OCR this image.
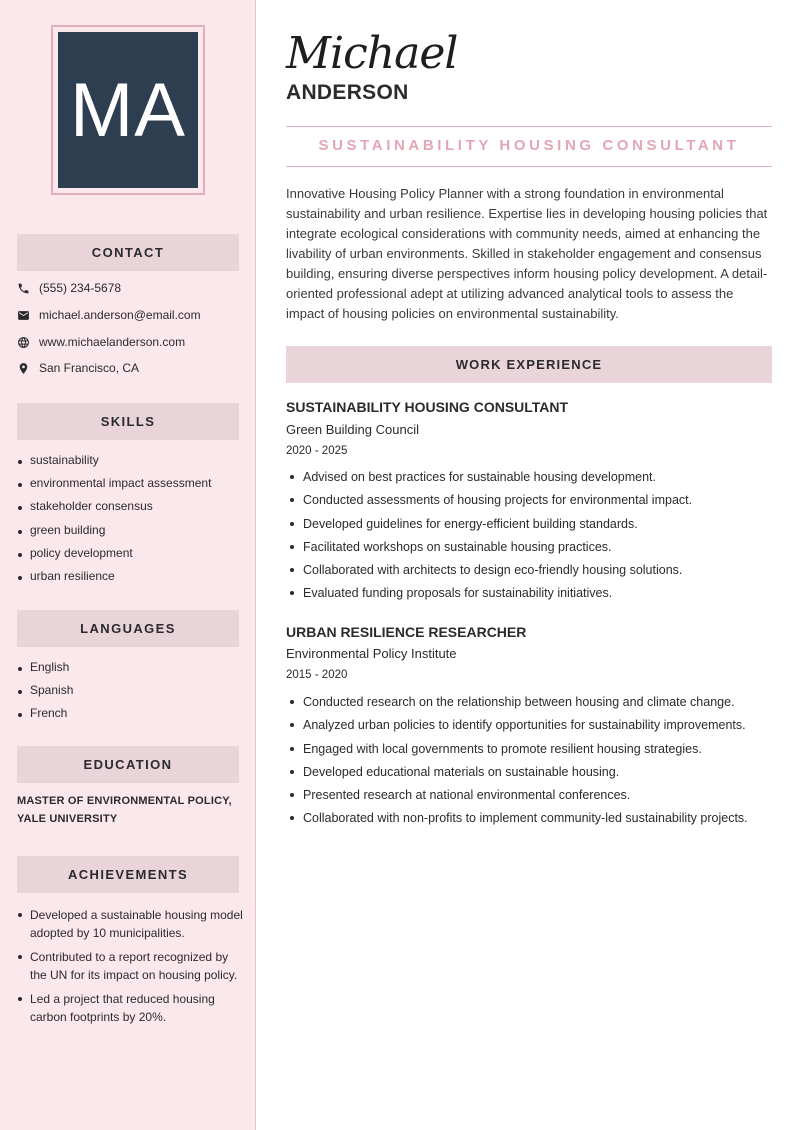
MA
CONTACT
(555) 234-5678
michael.anderson@email.com
www.michaelanderson.com
San Francisco, CA
SKILLS
sustainability
environmental impact assessment
stakeholder consensus
green building
policy development
urban resilience
LANGUAGES
English
Spanish
French
EDUCATION
MASTER OF ENVIRONMENTAL POLICY, YALE UNIVERSITY
ACHIEVEMENTS
Developed a sustainable housing model adopted by 10 municipalities.
Contributed to a report recognized by the UN for its impact on housing policy.
Led a project that reduced housing carbon footprints by 20%.
Michael
ANDERSON
SUSTAINABILITY HOUSING CONSULTANT

Innovative Housing Policy Planner with a strong foundation in environmental sustainability and urban resilience. Expertise lies in developing housing policies that integrate ecological considerations with community needs, aimed at enhancing the livability of urban environments. Skilled in stakeholder engagement and consensus building, ensuring diverse perspectives inform housing policy development. A detail-oriented professional adept at utilizing advanced analytical tools to assess the impact of housing policies on environmental sustainability.

WORK EXPERIENCE
SUSTAINABILITY HOUSING CONSULTANT
Green Building Council
2020 - 2025
Advised on best practices for sustainable housing development.
Conducted assessments of housing projects for environmental impact.
Developed guidelines for energy-efficient building standards.
Facilitated workshops on sustainable housing practices.
Collaborated with architects to design eco-friendly housing solutions.
Evaluated funding proposals for sustainability initiatives.
URBAN RESILIENCE RESEARCHER
Environmental Policy Institute
2015 - 2020
Conducted research on the relationship between housing and climate change.
Analyzed urban policies to identify opportunities for sustainability improvements.
Engaged with local governments to promote resilient housing strategies.
Developed educational materials on sustainable housing.
Presented research at national environmental conferences.
Collaborated with non-profits to implement community-led sustainability projects.
